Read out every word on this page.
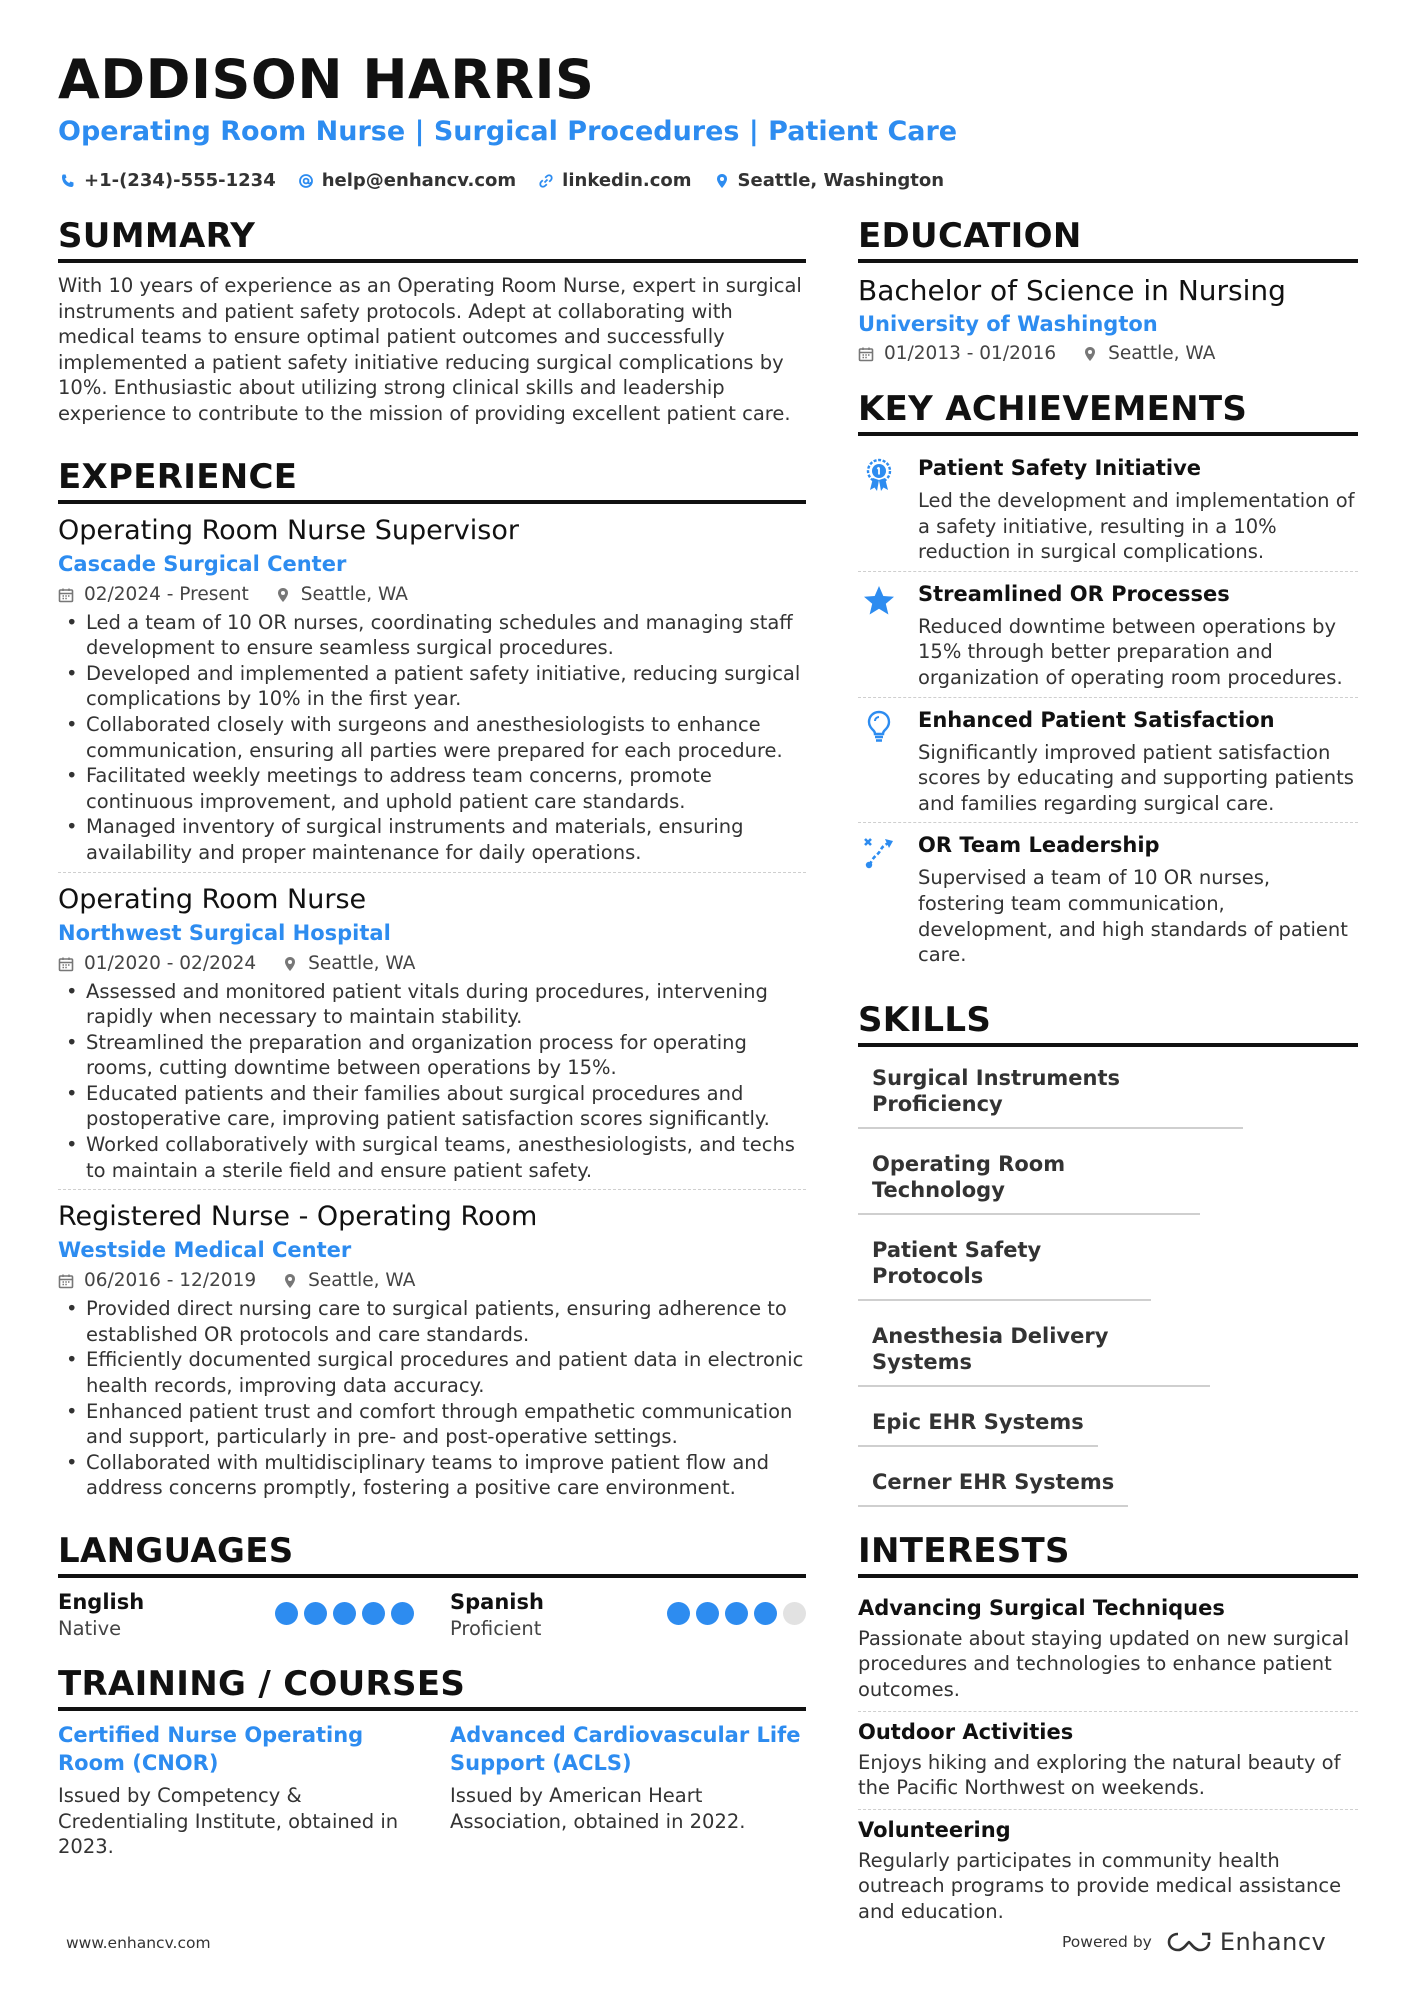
ADDISON HARRIS
Operating Room Nurse | Surgical Procedures | Patient Care
+1-(234)-555-1234	help@enhancv.com	linkedin.com	Seattle, Washington
SUMMARY

With 10 years of experience as an Operating Room Nurse, expert in surgical instruments and patient safety protocols. Adept at collaborating with medical teams to ensure optimal patient outcomes and successfully implemented a patient safety initiative reducing surgical complications by 10%. Enthusiastic about utilizing strong clinical skills and leadership experience to contribute to the mission of providing excellent patient care.

EXPERIENCE
Operating Room Nurse Supervisor
Cascade Surgical Center
02/2024 - Present	Seattle, WA
• Led a team of 10 OR nurses, coordinating schedules and managing staff development to ensure seamless surgical procedures.
• Developed and implemented a patient safety initiative, reducing surgical complications by 10% in the first year.
• Collaborated closely with surgeons and anesthesiologists to enhance communication, ensuring all parties were prepared for each procedure.
• Facilitated weekly meetings to address team concerns, promote continuous improvement, and uphold patient care standards.
• Managed inventory of surgical instruments and materials, ensuring availability and proper maintenance for daily operations.
Operating Room Nurse
Northwest Surgical Hospital
01/2020 - 02/2024	Seattle, WA
• Assessed and monitored patient vitals during procedures, intervening rapidly when necessary to maintain stability.
• Streamlined the preparation and organization process for operating rooms, cutting downtime between operations by 15%.
• Educated patients and their families about surgical procedures and postoperative care, improving patient satisfaction scores significantly.
• Worked collaboratively with surgical teams, anesthesiologists, and techs to maintain a sterile field and ensure patient safety.
Registered Nurse - Operating Room
Westside Medical Center
06/2016 - 12/2019	Seattle, WA
• Provided direct nursing care to surgical patients, ensuring adherence to established OR protocols and care standards.
• Efficiently documented surgical procedures and patient data in electronic health records, improving data accuracy.
• Enhanced patient trust and comfort through empathetic communication and support, particularly in pre- and post-operative settings.
• Collaborated with multidisciplinary teams to improve patient flow and address concerns promptly, fostering a positive care environment.
LANGUAGES
English
Native
Spanish
Proficient
TRAINING / COURSES
Certified Nurse Operating Room (CNOR)
Issued by Competency & Credentialing Institute, obtained in 2023.
Advanced Cardiovascular Life Support (ACLS)
Issued by American Heart Association, obtained in 2022.
EDUCATION
Bachelor of Science in Nursing
University of Washington
01/2013 - 01/2016	Seattle, WA
KEY ACHIEVEMENTS
Patient Safety Initiative
Led the development and implementation of a safety initiative, resulting in a 10% reduction in surgical complications.
Streamlined OR Processes
Reduced downtime between operations by 15% through better preparation and organization of operating room procedures.
Enhanced Patient Satisfaction
Significantly improved patient satisfaction scores by educating and supporting patients and families regarding surgical care.
OR Team Leadership
Supervised a team of 10 OR nurses, fostering team communication, development, and high standards of patient care.
SKILLS
Surgical Instruments Proficiency
Operating Room Technology
Patient Safety Protocols
Anesthesia Delivery Systems
Epic EHR Systems
Cerner EHR Systems
INTERESTS
Advancing Surgical Techniques
Passionate about staying updated on new surgical procedures and technologies to enhance patient outcomes.
Outdoor Activities
Enjoys hiking and exploring the natural beauty of the Pacific Northwest on weekends.
Volunteering
Regularly participates in community health outreach programs to provide medical assistance and education.
www.enhancv.com	Powered by	Enhancv
